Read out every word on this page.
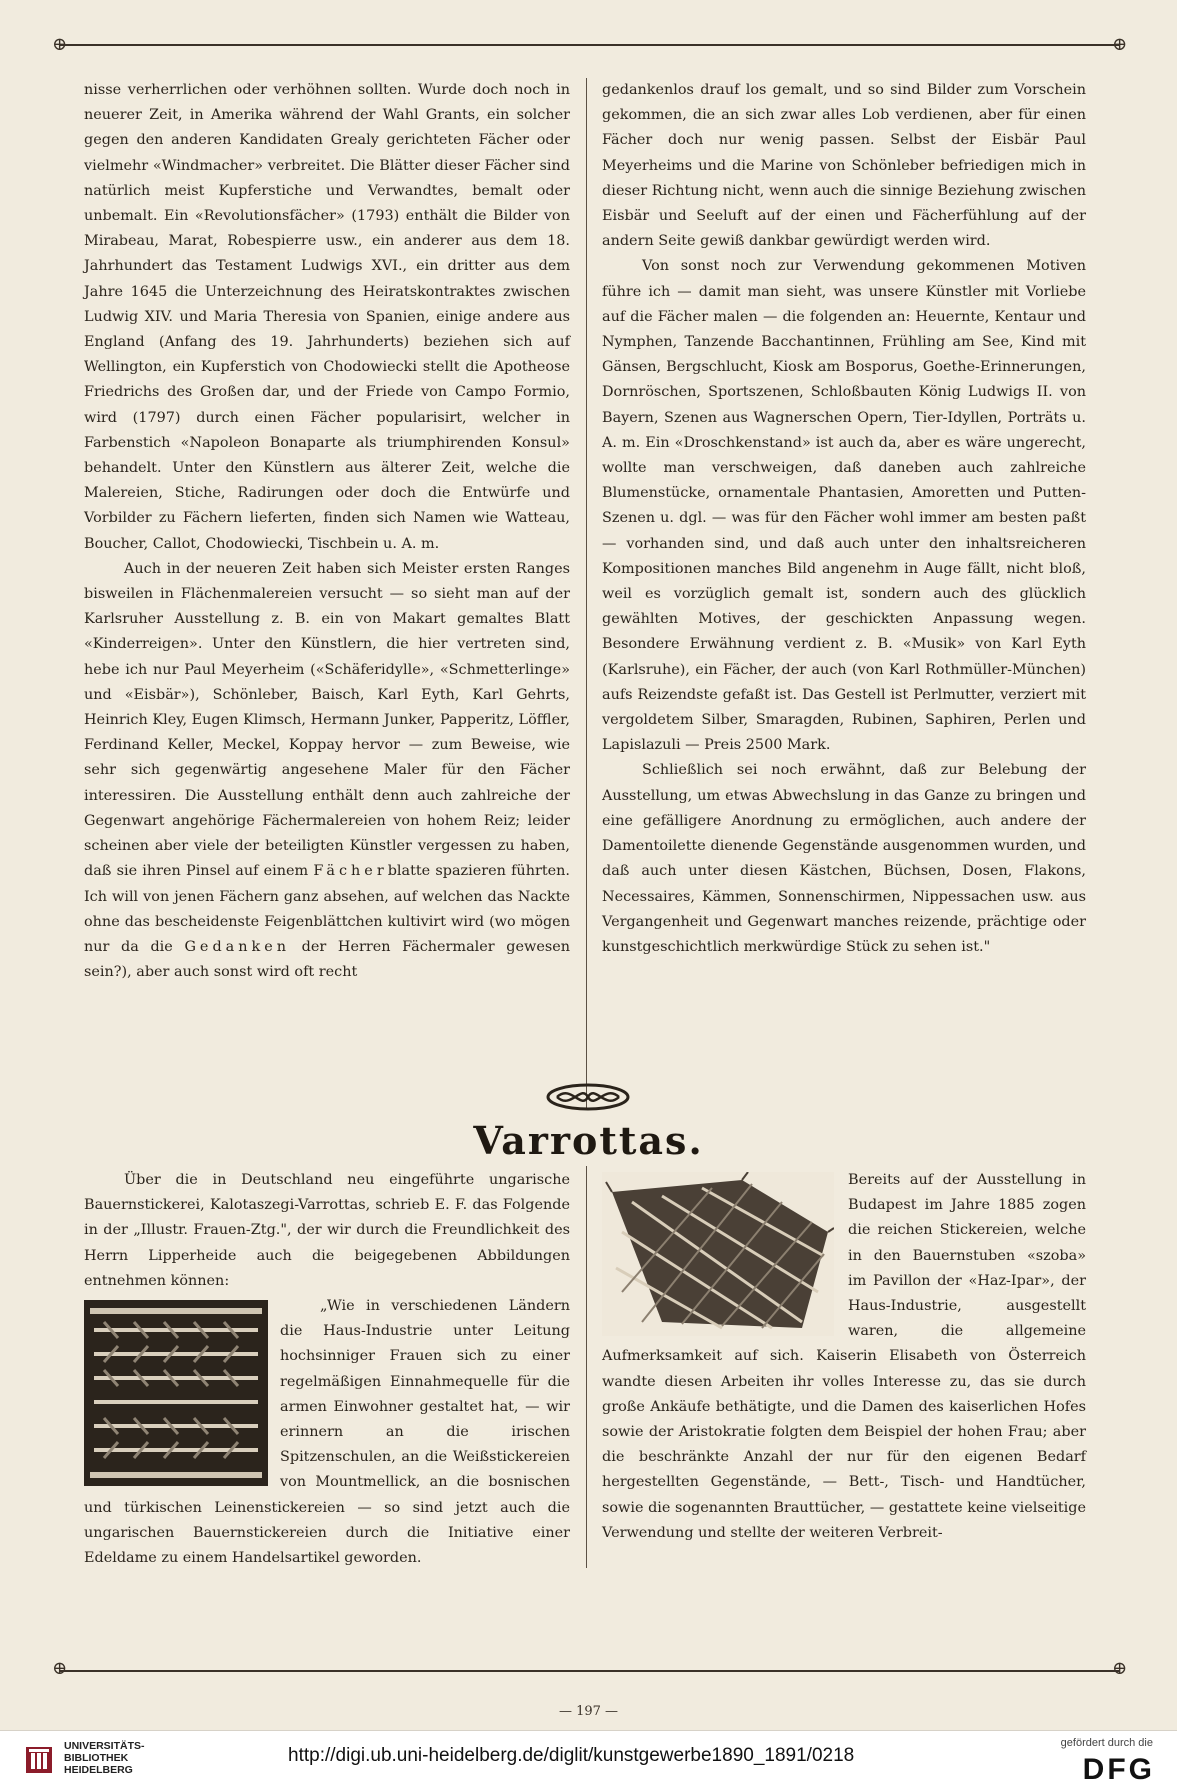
⊕	⊕
⊕	⊕

nisse verherrlichen oder verhöhnen sollten. Wurde doch noch in neuerer Zeit, in Amerika während der Wahl Grants, ein solcher gegen den anderen Kandidaten Grealy gerichteten Fächer oder vielmehr «Windmacher» verbreitet. Die Blätter dieser Fächer sind natürlich meist Kupferstiche und Verwandtes, bemalt oder unbemalt. Ein «Revolutionsfächer» (1793) enthält die Bilder von Mirabeau, Marat, Robespierre usw., ein anderer aus dem 18. Jahrhundert das Testament Ludwigs XVI., ein dritter aus dem Jahre 1645 die Unterzeichnung des Heiratskontraktes zwischen Ludwig XIV. und Maria Theresia von Spanien, einige andere aus England (Anfang des 19. Jahrhunderts) beziehen sich auf Wellington, ein Kupferstich von Chodowiecki stellt die Apotheose Friedrichs des Großen dar, und der Friede von Campo Formio, wird (1797) durch einen Fächer popularisirt, welcher in Farbenstich «Napoleon Bonaparte als triumphirenden Konsul» behandelt. Unter den Künstlern aus älterer Zeit, welche die Malereien, Stiche, Radirungen oder doch die Entwürfe und Vorbilder zu Fächern lieferten, finden sich Namen wie Watteau, Boucher, Callot, Chodowiecki, Tischbein u. A. m.

Auch in der neueren Zeit haben sich Meister ersten Ranges bisweilen in Flächenmalereien versucht — so sieht man auf der Karlsruher Ausstellung z. B. ein von Makart gemaltes Blatt «Kinderreigen». Unter den Künstlern, die hier vertreten sind, hebe ich nur Paul Meyerheim («Schäferidylle», «Schmetterlinge» und «Eisbär»), Schönleber, Baisch, Karl Eyth, Karl Gehrts, Heinrich Kley, Eugen Klimsch, Hermann Junker, Papperitz, Löffler, Ferdinand Keller, Meckel, Koppay hervor — zum Beweise, wie sehr sich gegenwärtig angesehene Maler für den Fächer interessiren. Die Ausstellung enthält denn auch zahlreiche der Gegenwart angehörige Fächermalereien von hohem Reiz; leider scheinen aber viele der beteiligten Künstler vergessen zu haben, daß sie ihren Pinsel auf einem Fächerblatte spazieren führten. Ich will von jenen Fächern ganz absehen, auf welchen das Nackte ohne das bescheidenste Feigenblättchen kultivirt wird (wo mögen nur da die Gedanken der Herren Fächermaler gewesen sein?), aber auch sonst wird oft recht

gedankenlos drauf los gemalt, und so sind Bilder zum Vorschein gekommen, die an sich zwar alles Lob verdienen, aber für einen Fächer doch nur wenig passen. Selbst der Eisbär Paul Meyerheims und die Marine von Schönleber befriedigen mich in dieser Richtung nicht, wenn auch die sinnige Beziehung zwischen Eisbär und Seeluft auf der einen und Fächerfühlung auf der andern Seite gewiß dankbar gewürdigt werden wird.

Von sonst noch zur Verwendung gekommenen Motiven führe ich — damit man sieht, was unsere Künstler mit Vorliebe auf die Fächer malen — die folgenden an: Heuernte, Kentaur und Nymphen, Tanzende Bacchantinnen, Frühling am See, Kind mit Gänsen, Bergschlucht, Kiosk am Bosporus, Goethe-Erinnerungen, Dornröschen, Sportszenen, Schloßbauten König Ludwigs II. von Bayern, Szenen aus Wagnerschen Opern, Tier-Idyllen, Porträts u. A. m. Ein «Droschkenstand» ist auch da, aber es wäre ungerecht, wollte man verschweigen, daß daneben auch zahlreiche Blumenstücke, ornamentale Phantasien, Amoretten und Putten-Szenen u. dgl. — was für den Fächer wohl immer am besten paßt — vorhanden sind, und daß auch unter den inhaltsreicheren Kompositionen manches Bild angenehm in Auge fällt, nicht bloß, weil es vorzüglich gemalt ist, sondern auch des glücklich gewählten Motives, der geschickten Anpassung wegen. Besondere Erwähnung verdient z. B. «Musik» von Karl Eyth (Karlsruhe), ein Fächer, der auch (von Karl Rothmüller-München) aufs Reizendste gefaßt ist. Das Gestell ist Perlmutter, verziert mit vergoldetem Silber, Smaragden, Rubinen, Saphiren, Perlen und Lapislazuli — Preis 2500 Mark.

Schließlich sei noch erwähnt, daß zur Belebung der Ausstellung, um etwas Abwechslung in das Ganze zu bringen und eine gefälligere Anordnung zu ermöglichen, auch andere der Damentoilette dienende Gegenstände ausgenommen wurden, und daß auch unter diesen Kästchen, Büchsen, Dosen, Flakons, Necessaires, Kämmen, Sonnenschirmen, Nippessachen usw. aus Vergangenheit und Gegenwart manches reizende, prächtige oder kunstgeschichtlich merkwürdige Stück zu sehen ist."

Varrottas.

Über die in Deutschland neu eingeführte ungarische Bauernstickerei, Kalotaszegi-Varrottas, schrieb E. F. das Folgende in der „Illustr. Frauen-Ztg.", der wir durch die Freundlichkeit des Herrn Lipperheide auch die beigegebenen Abbildungen entnehmen können:

„Wie in verschiedenen Ländern die Haus-Industrie unter Leitung hochsinniger Frauen sich zu einer regelmäßigen Einnahmequelle für die armen Einwohner gestaltet hat, — wir erinnern an die irischen Spitzenschulen, an die Weißstickereien von Mountmellick, an die bosnischen und türkischen Leinenstickereien — so sind jetzt auch die ungarischen Bauernstickereien durch die Initiative einer Edeldame zu einem Handelsartikel geworden.

Bereits auf der Ausstellung in Budapest im Jahre 1885 zogen die reichen Stickereien, welche in den Bauernstuben «szoba» im Pavillon der «Haz-Ipar», der Haus-Industrie, ausgestellt waren, die allgemeine Aufmerksamkeit auf sich. Kaiserin Elisabeth von Österreich wandte diesen Arbeiten ihr volles Interesse zu, das sie durch große Ankäufe bethätigte, und die Damen des kaiserlichen Hofes sowie der Aristokratie folgten dem Beispiel der hohen Frau; aber die beschränkte Anzahl der nur für den eigenen Bedarf hergestellten Gegenstände, — Bett-, Tisch- und Handtücher, sowie die sogenannten Brauttücher, — gestattete keine vielseitige Verwendung und stellte der weiteren Verbreit-

— 197 —
UNIVERSITÄTS-
BIBLIOTHEK
HEIDELBERG
http://digi.ub.uni-heidelberg.de/diglit/kunstgewerbe1890_1891/0218
gefördert durch die
DFG
